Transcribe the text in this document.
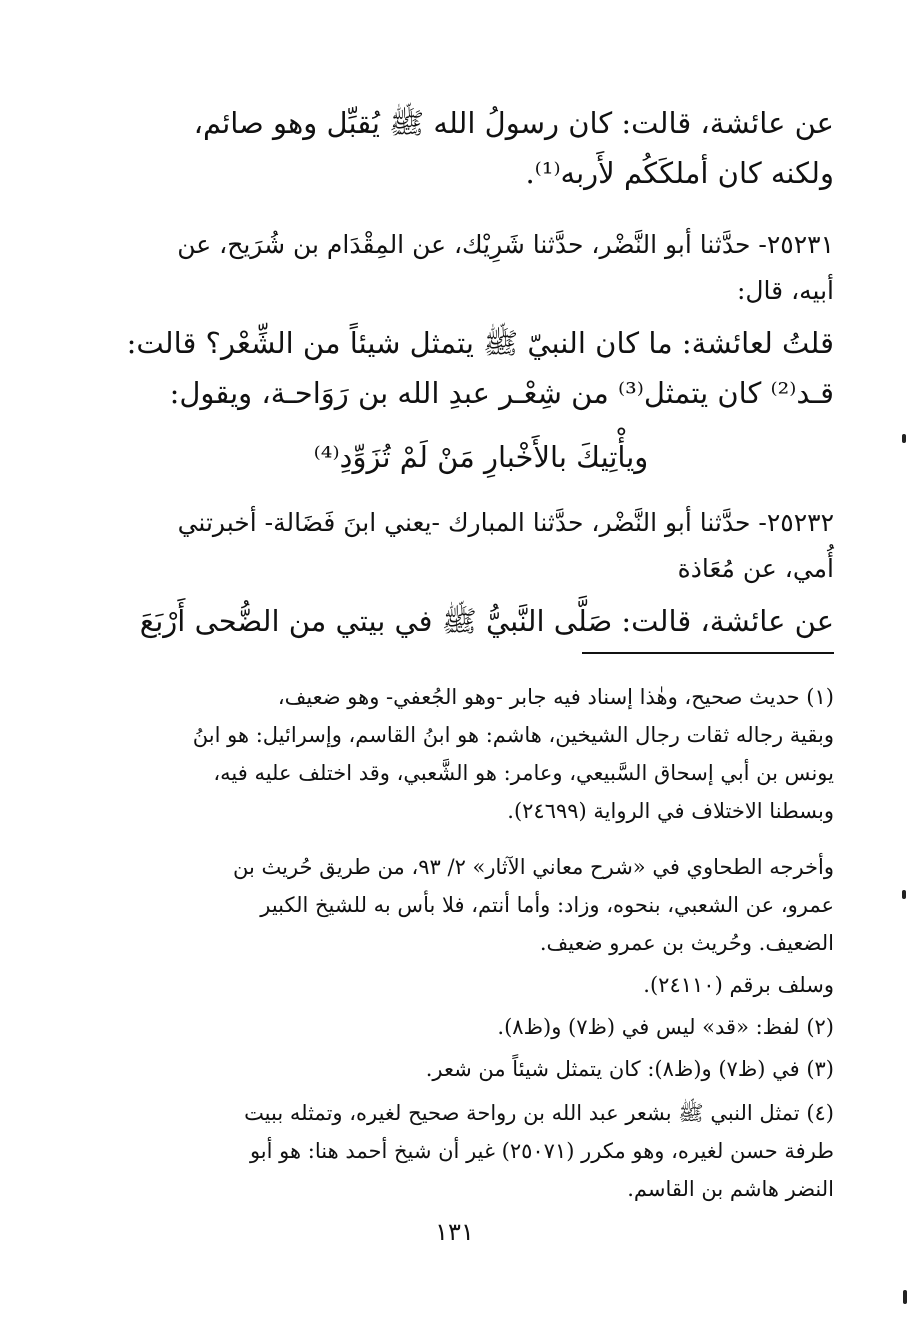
عن عائشة، قالت: كان رسولُ الله ﷺ يُقبِّل وهو صائم،
ولكنه كان أملكَكُم لأَربه⁽¹⁾.
٢٥٢٣١- حدَّثنا أبو النَّضْر، حدَّثنا شَرِيْك، عن المِقْدَام بن شُرَيح، عن
أبيه، قال:
قلتُ لعائشة: ما كان النبيّ ﷺ يتمثل شيئاً من الشِّعْر؟ قالت:
قـد⁽²⁾ كان يتمثل⁽³⁾ من شِعْـر عبدِ الله بن رَوَاحـة، ويقول:
ويأْتِيكَ بالأَخْبارِ مَنْ لَمْ تُزَوِّدِ⁽⁴⁾
٢٥٢٣٢- حدَّثنا أبو النَّضْر، حدَّثنا المبارك -يعني ابنَ فَضَالة- أخبرتني
أُمي، عن مُعَاذة
عن عائشة، قالت: صَلَّى النَّبيُّ ﷺ في بيتي من الضُّحى أَرْبَعَ
(١) حديث صحيح، وهٰذا إسناد فيه جابر -وهو الجُعفي- وهو ضعيف،
وبقية رجاله ثقات رجال الشيخين، هاشم: هو ابنُ القاسم، وإسرائيل: هو ابنُ
يونس بن أبي إسحاق السَّبيعي، وعامر: هو الشَّعبي، وقد اختلف عليه فيه،
وبسطنا الاختلاف في الرواية (٢٤٦٩٩).
وأخرجه الطحاوي في «شرح معاني الآثار» ٢/ ٩٣، من طريق حُريث بن
عمرو، عن الشعبي، بنحوه، وزاد: وأما أنتم، فلا بأس به للشيخ الكبير
الضعيف. وحُريث بن عمرو ضعيف.
وسلف برقم (٢٤١١٠).
(٢) لفظ: «قد» ليس في (ظ٧) و(ظ٨).
(٣) في (ظ٧) و(ظ٨): كان يتمثل شيئاً من شعر.
(٤) تمثل النبي ﷺ بشعر عبد الله بن رواحة صحيح لغيره، وتمثله ببيت
طرفة حسن لغيره، وهو مكرر (٢٥٠٧١) غير أن شيخ أحمد هنا: هو أبو
النضر هاشم بن القاسم.
١٣١
